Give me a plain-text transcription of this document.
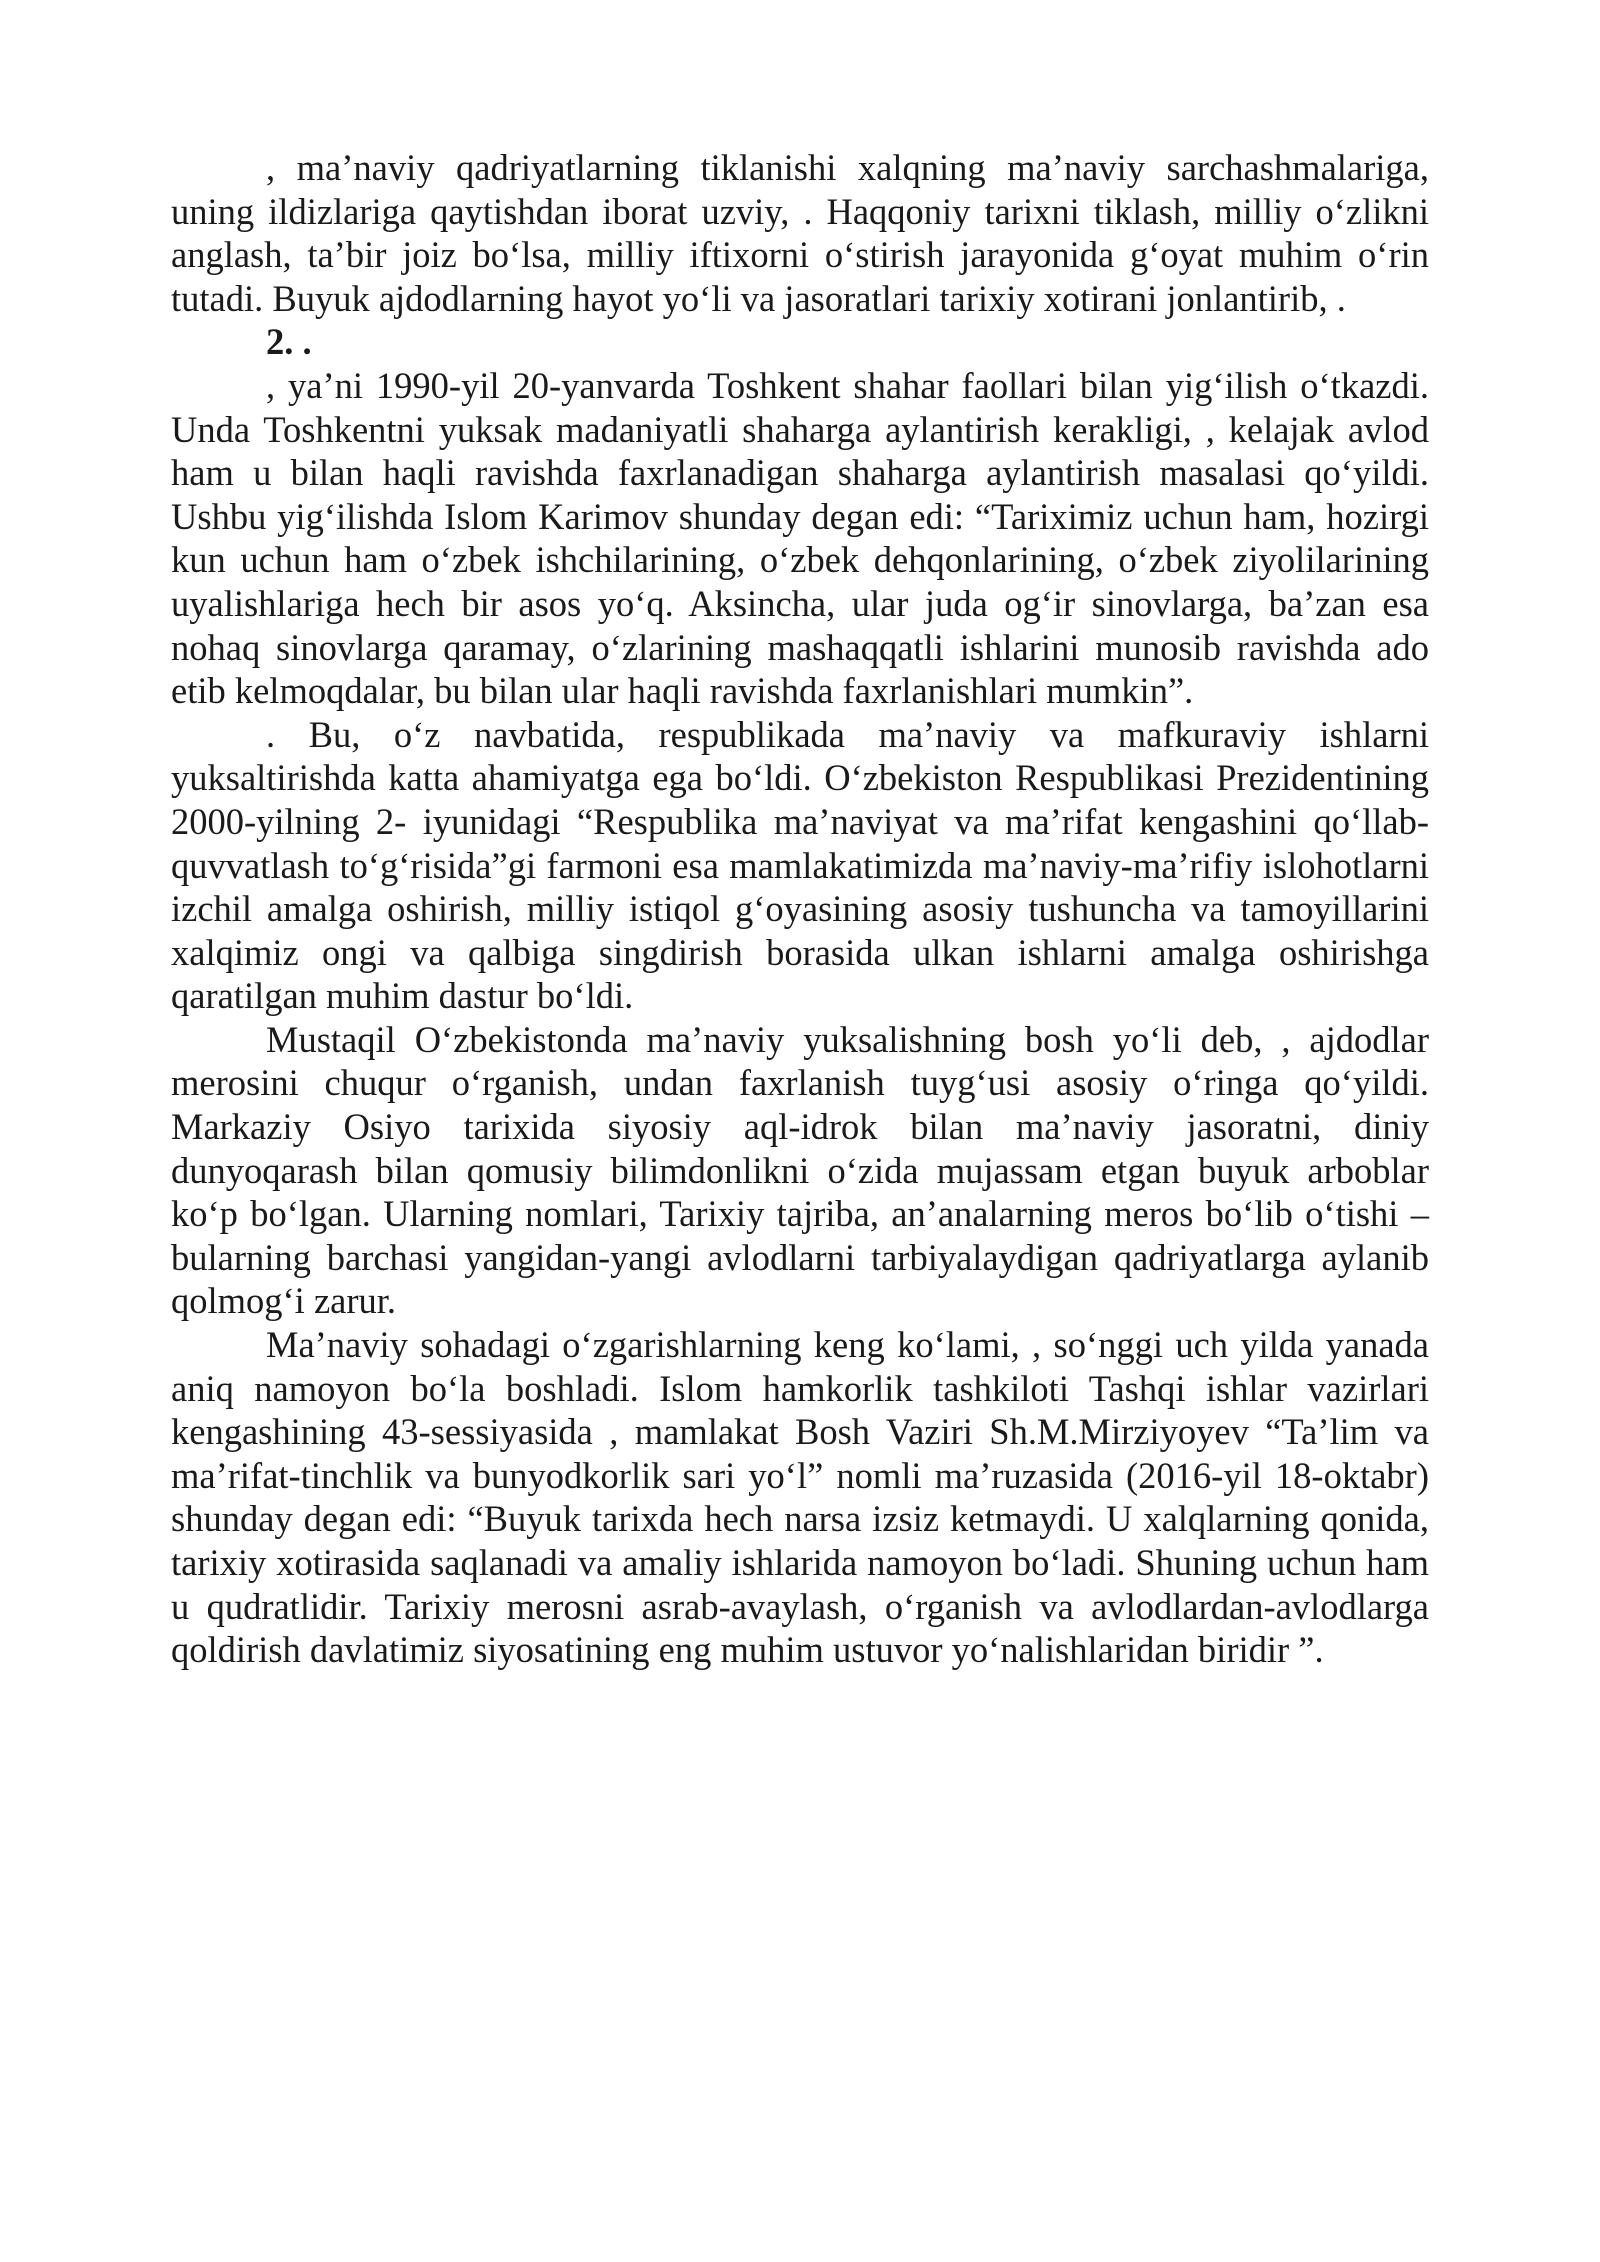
, ma’naviy qadriyatlarning tiklanishi xalqning ma’naviy sarchashmalariga, uning ildizlariga qaytishdan iborat uzviy, . Haqqoniy tarixni tiklash, milliy o‘zlikni anglash, ta’bir joiz bo‘lsa, milliy iftixorni o‘stirish jarayonida g‘oyat muhim o‘rin tutadi. Buyuk ajdodlarning hayot yo‘li va jasoratlari tarixiy xotirani jonlantirib, .

2. .

, ya’ni 1990-yil 20-yanvarda Toshkent shahar faollari bilan yig‘ilish o‘tkazdi. Unda Toshkentni yuksak madaniyatli shaharga aylantirish kerakligi, , kelajak avlod ham u bilan haqli ravishda faxrlanadigan shaharga aylantirish masalasi qo‘yildi. Ushbu yig‘ilishda Islom Karimov shunday degan edi: “Tariximiz uchun ham, hozirgi kun uchun ham o‘zbek ishchilarining, o‘zbek dehqonlarining, o‘zbek ziyolilarining uyalishlariga hech bir asos yo‘q. Aksincha, ular juda og‘ir sinovlarga, ba’zan esa nohaq sinovlarga qaramay, o‘zlarining mashaqqatli ishlarini munosib ravishda ado etib kelmoqdalar, bu bilan ular haqli ravishda faxrlanishlari mumkin”.

. Bu, o‘z navbatida, respublikada ma’naviy va mafkuraviy ishlarni yuksaltirishda katta ahamiyatga ega bo‘ldi. O‘zbekiston Respublikasi Prezidentining 2000-yilning 2- iyunidagi “Respublika ma’naviyat va ma’rifat kengashini qo‘llab-quvvatlash to‘g‘risida”gi farmoni esa mamlakatimizda ma’naviy-ma’rifiy islohotlarni izchil amalga oshirish, milliy istiqol g‘oyasining asosiy tushuncha va tamoyillarini xalqimiz ongi va qalbiga singdirish borasida ulkan ishlarni amalga oshirishga qaratilgan muhim dastur bo‘ldi.

Mustaqil O‘zbekistonda ma’naviy yuksalishning bosh yo‘li deb, , ajdodlar merosini chuqur o‘rganish, undan faxrlanish tuyg‘usi asosiy o‘ringa qo‘yildi. Markaziy Osiyo tarixida siyosiy aql-idrok bilan ma’naviy jasoratni, diniy dunyoqarash bilan qomusiy bilimdonlikni o‘zida mujassam etgan buyuk arboblar ko‘p bo‘lgan. Ularning nomlari, Tarixiy tajriba, an’analarning meros bo‘lib o‘tishi – bularning barchasi yangidan-yangi avlodlarni tarbiyalaydigan qadriyatlarga aylanib qolmog‘i zarur.

Ma’naviy sohadagi o‘zgarishlarning keng ko‘lami, , so‘nggi uch yilda yanada aniq namoyon bo‘la boshladi. Islom hamkorlik tashkiloti Tashqi ishlar vazirlari kengashining 43-sessiyasida , mamlakat Bosh Vaziri Sh.M.Mirziyoyev “Ta’lim va ma’rifat-tinchlik va bunyodkorlik sari yo‘l” nomli ma’ruzasida (2016-yil 18-oktabr) shunday degan edi: “Buyuk tarixda hech narsa izsiz ketmaydi. U xalqlarning qonida, tarixiy xotirasida saqlanadi va amaliy ishlarida namoyon bo‘ladi. Shuning uchun ham u qudratlidir. Tarixiy merosni asrab-avaylash, o‘rganish va avlodlardan-avlodlarga qoldirish davlatimiz siyosatining eng muhim ustuvor yo‘nalishlaridan biridir ”.
